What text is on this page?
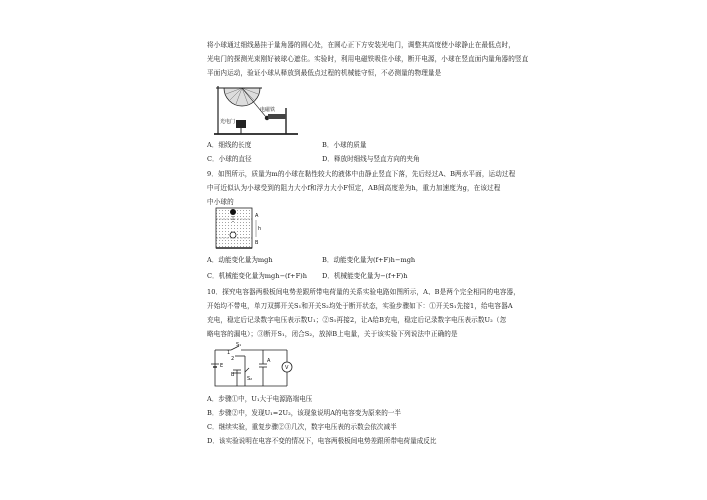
将小球通过细线悬挂于量角器的圆心处，在圆心正下方安装光电门，调整其高度使小球静止在最低点时，
光电门的探测光束刚好被球心遮住。实验时，利用电磁铁吸住小球，断开电源，小球在竖直面内量角器的竖直
平面内运动，验证小球从释放到最低点过程的机械能守恒，不必测量的物理量是
电磁铁
光电门
A．细线的长度	B．小球的质量
C．小球的直径	D．释放时细线与竖直方向的夹角
9．如图所示，质量为m的小球在黏性较大的液体中由静止竖直下落，先后经过A、B两水平面，运动过程
中可近似认为小球受到的阻力大小f和浮力大小F恒定，AB间高度差为h，重力加速度为g，在该过程
中小球的
A
h
B
A．动能变化量为mgh	B．动能变化量为(f+F)h−mgh
C．机械能变化量为mgh−(f+F)h D．机械能变化量为−(f+F)h
10．探究电容器两极板间电势差跟所带电荷量的关系实验电路如图所示，A、B是两个完全相同的电容器，
开始均不带电，单刀双掷开关S₁和开关S₂均处于断开状态，实验步骤如下：①开关S₁先接1，给电容器A
充电，稳定后记录数字电压表示数U₁；②S₁再接2，让A给B充电，稳定后记录数字电压表示数U₂（忽
略电容的漏电）；③断开S₁，闭合S₂，放掉B上电量，关于该实验下列说法中正确的是
S₁
1
2
E
A
B
S₂
V
A．步骤①中，U₁大于电源路端电压
B．步骤②中，发现U₁=2U₂，该现象说明A的电容变为原来的一半
C．继续实验，重复步骤②③几次，数字电压表的示数会依次减半
D．该实验说明在电容不变的情况下，电容两极板间电势差跟所带电荷量成反比
